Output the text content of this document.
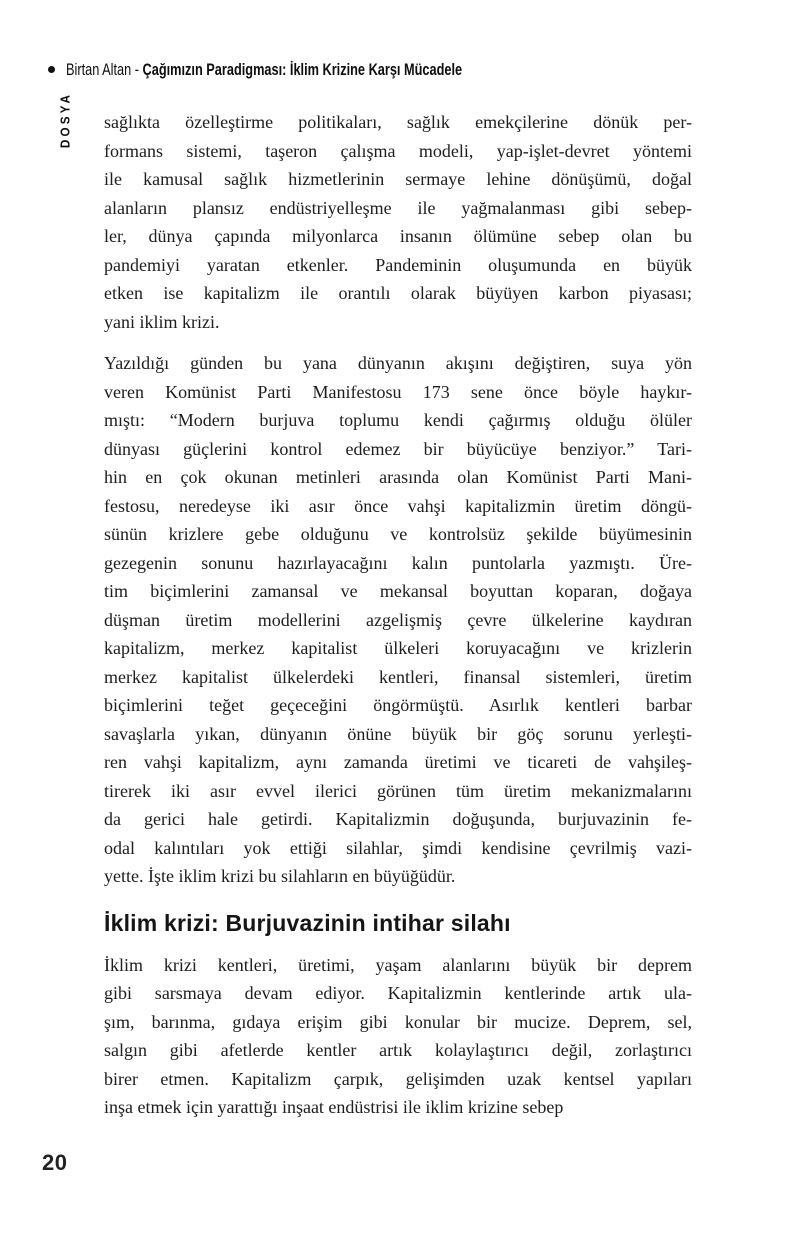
Birtan Altan - Çağımızın Paradigması: İklim Krizine Karşı Mücadele
DOSYA sağlıkta özelleştirme politikaları, sağlık emekçilerine dönük per-
formans sistemi, taşeron çalışma modeli, yap-işlet-devret yöntemi
ile kamusal sağlık hizmetlerinin sermaye lehine dönüşümü, doğal
alanların plansız endüstriyelleşme ile yağmalanması gibi sebep-
ler, dünya çapında milyonlarca insanın ölümüne sebep olan bu
pandemiyi yaratan etkenler. Pandeminin oluşumunda en büyük
etken ise kapitalizm ile orantılı olarak büyüyen karbon piyasası;
yani iklim krizi.
Yazıldığı günden bu yana dünyanın akışını değiştiren, suya yön
veren Komünist Parti Manifestosu 173 sene önce böyle haykır-
mıştı: “Modern burjuva toplumu kendi çağırmış olduğu ölüler
dünyası güçlerini kontrol edemez bir büyücüye benziyor.” Tari-
hin en çok okunan metinleri arasında olan Komünist Parti Mani-
festosu, neredeyse iki asır önce vahşi kapitalizmin üretim döngü-
sünün krizlere gebe olduğunu ve kontrolsüz şekilde büyümesinin
gezegenin sonunu hazırlayacağını kalın puntolarla yazmıştı. Üre-
tim biçimlerini zamansal ve mekansal boyuttan koparan, doğaya
düşman üretim modellerini azgelişmiş çevre ülkelerine kaydıran
kapitalizm, merkez kapitalist ülkeleri koruyacağını ve krizlerin
merkez kapitalist ülkelerdeki kentleri, finansal sistemleri, üretim
biçimlerini teğet geçeceğini öngörmüştü. Asırlık kentleri barbar
savaşlarla yıkan, dünyanın önüne büyük bir göç sorunu yerleşti-
ren vahşi kapitalizm, aynı zamanda üretimi ve ticareti de vahşileş-
tirerek iki asır evvel ilerici görünen tüm üretim mekanizmalarını
da gerici hale getirdi. Kapitalizmin doğuşunda, burjuvazinin fe-
odal kalıntıları yok ettiği silahlar, şimdi kendisine çevrilmiş vazi-
yette. İşte iklim krizi bu silahların en büyüğüdür.
İklim krizi: Burjuvazinin intihar silahı
İklim krizi kentleri, üretimi, yaşam alanlarını büyük bir deprem
gibi sarsmaya devam ediyor. Kapitalizmin kentlerinde artık ula-
şım, barınma, gıdaya erişim gibi konular bir mucize. Deprem, sel,
salgın gibi afetlerde kentler artık kolaylaştırıcı değil, zorlaştırıcı
birer etmen. Kapitalizm çarpık, gelişimden uzak kentsel yapıları
inşa etmek için yarattığı inşaat endüstrisi ile iklim krizine sebep
20
